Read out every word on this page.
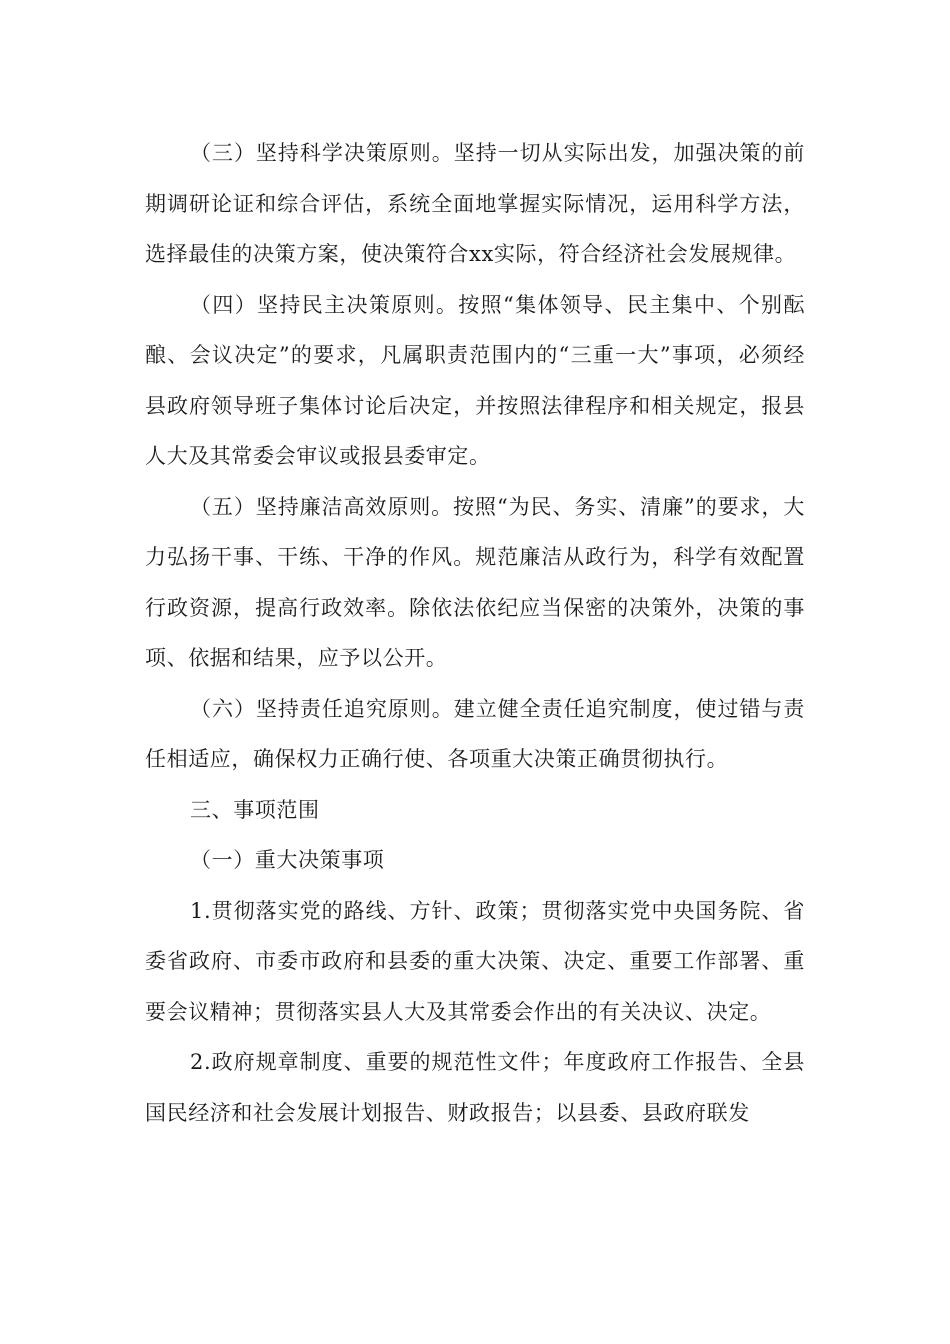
（三）坚持科学决策原则。坚持一切从实际出发，加强决策的前期调研论证和综合评估，系统全面地掌握实际情况，运用科学方法，选择最佳的决策方案，使决策符合xx实际，符合经济社会发展规律。

（四）坚持民主决策原则。按照“集体领导、民主集中、个别酝酿、会议决定”的要求，凡属职责范围内的“三重一大”事项，必须经县政府领导班子集体讨论后决定，并按照法律程序和相关规定，报县人大及其常委会审议或报县委审定。

（五）坚持廉洁高效原则。按照“为民、务实、清廉”的要求，大力弘扬干事、干练、干净的作风。规范廉洁从政行为，科学有效配置行政资源，提高行政效率。除依法依纪应当保密的决策外，决策的事项、依据和结果，应予以公开。

（六）坚持责任追究原则。建立健全责任追究制度，使过错与责任相适应，确保权力正确行使、各项重大决策正确贯彻执行。

三、事项范围

（一）重大决策事项

1.贯彻落实党的路线、方针、政策；贯彻落实党中央国务院、省委省政府、市委市政府和县委的重大决策、决定、重要工作部署、重要会议精神；贯彻落实县人大及其常委会作出的有关决议、决定。

2.政府规章制度、重要的规范性文件；年度政府工作报告、全县国民经济和社会发展计划报告、财政报告；以县委、县政府联发
